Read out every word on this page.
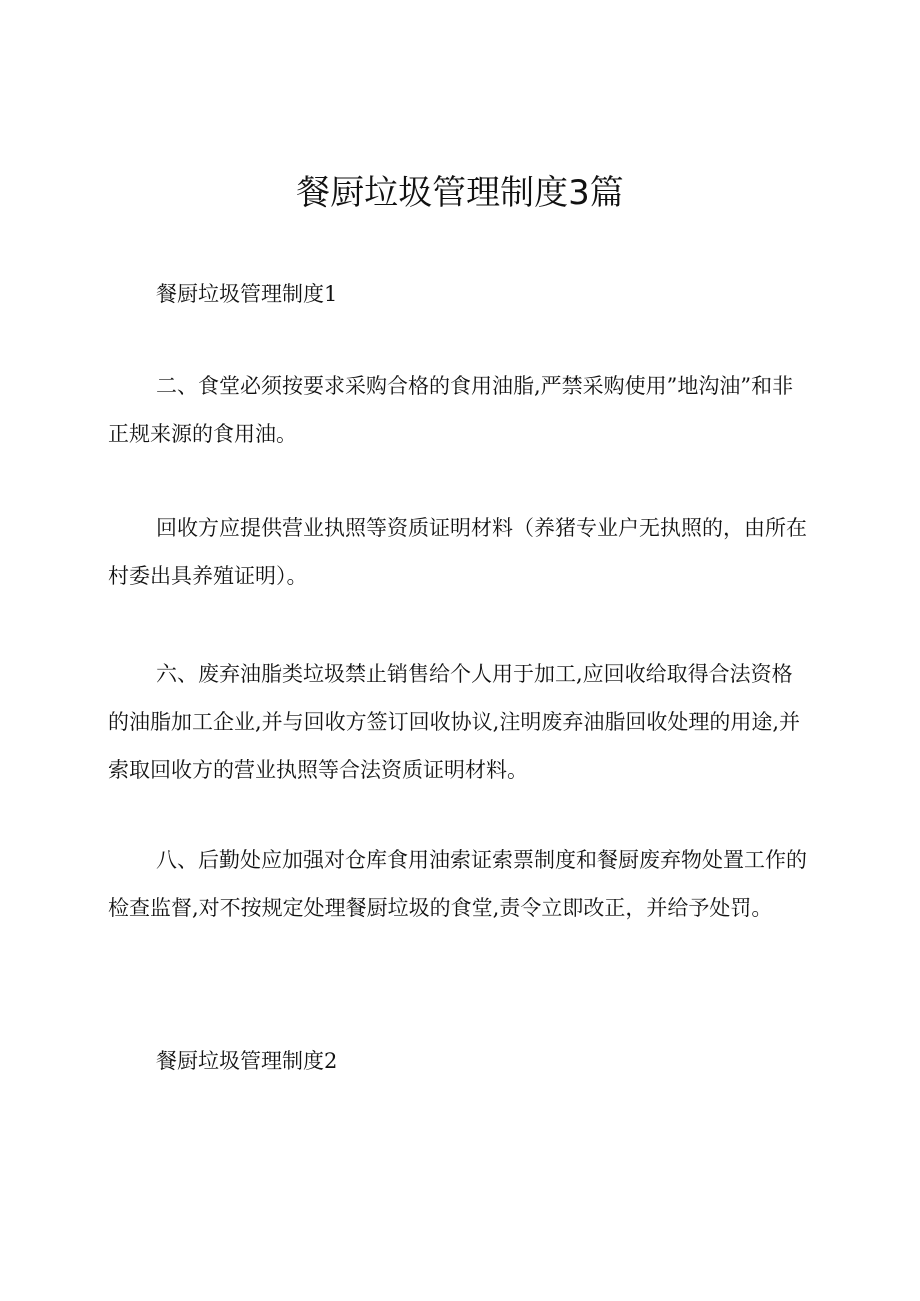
餐厨垃圾管理制度3篇

餐厨垃圾管理制度1

二、食堂必须按要求采购合格的食用油脂,严禁采购使用”地沟油”和非正规来源的食用油。

回收方应提供营业执照等资质证明材料（养猪专业户无执照的，由所在村委出具养殖证明）。

六、废弃油脂类垃圾禁止销售给个人用于加工,应回收给取得合法资格的油脂加工企业,并与回收方签订回收协议,注明废弃油脂回收处理的用途,并索取回收方的营业执照等合法资质证明材料。

八、后勤处应加强对仓库食用油索证索票制度和餐厨废弃物处置工作的检查监督,对不按规定处理餐厨垃圾的食堂,责令立即改正，并给予处罚。

餐厨垃圾管理制度2
